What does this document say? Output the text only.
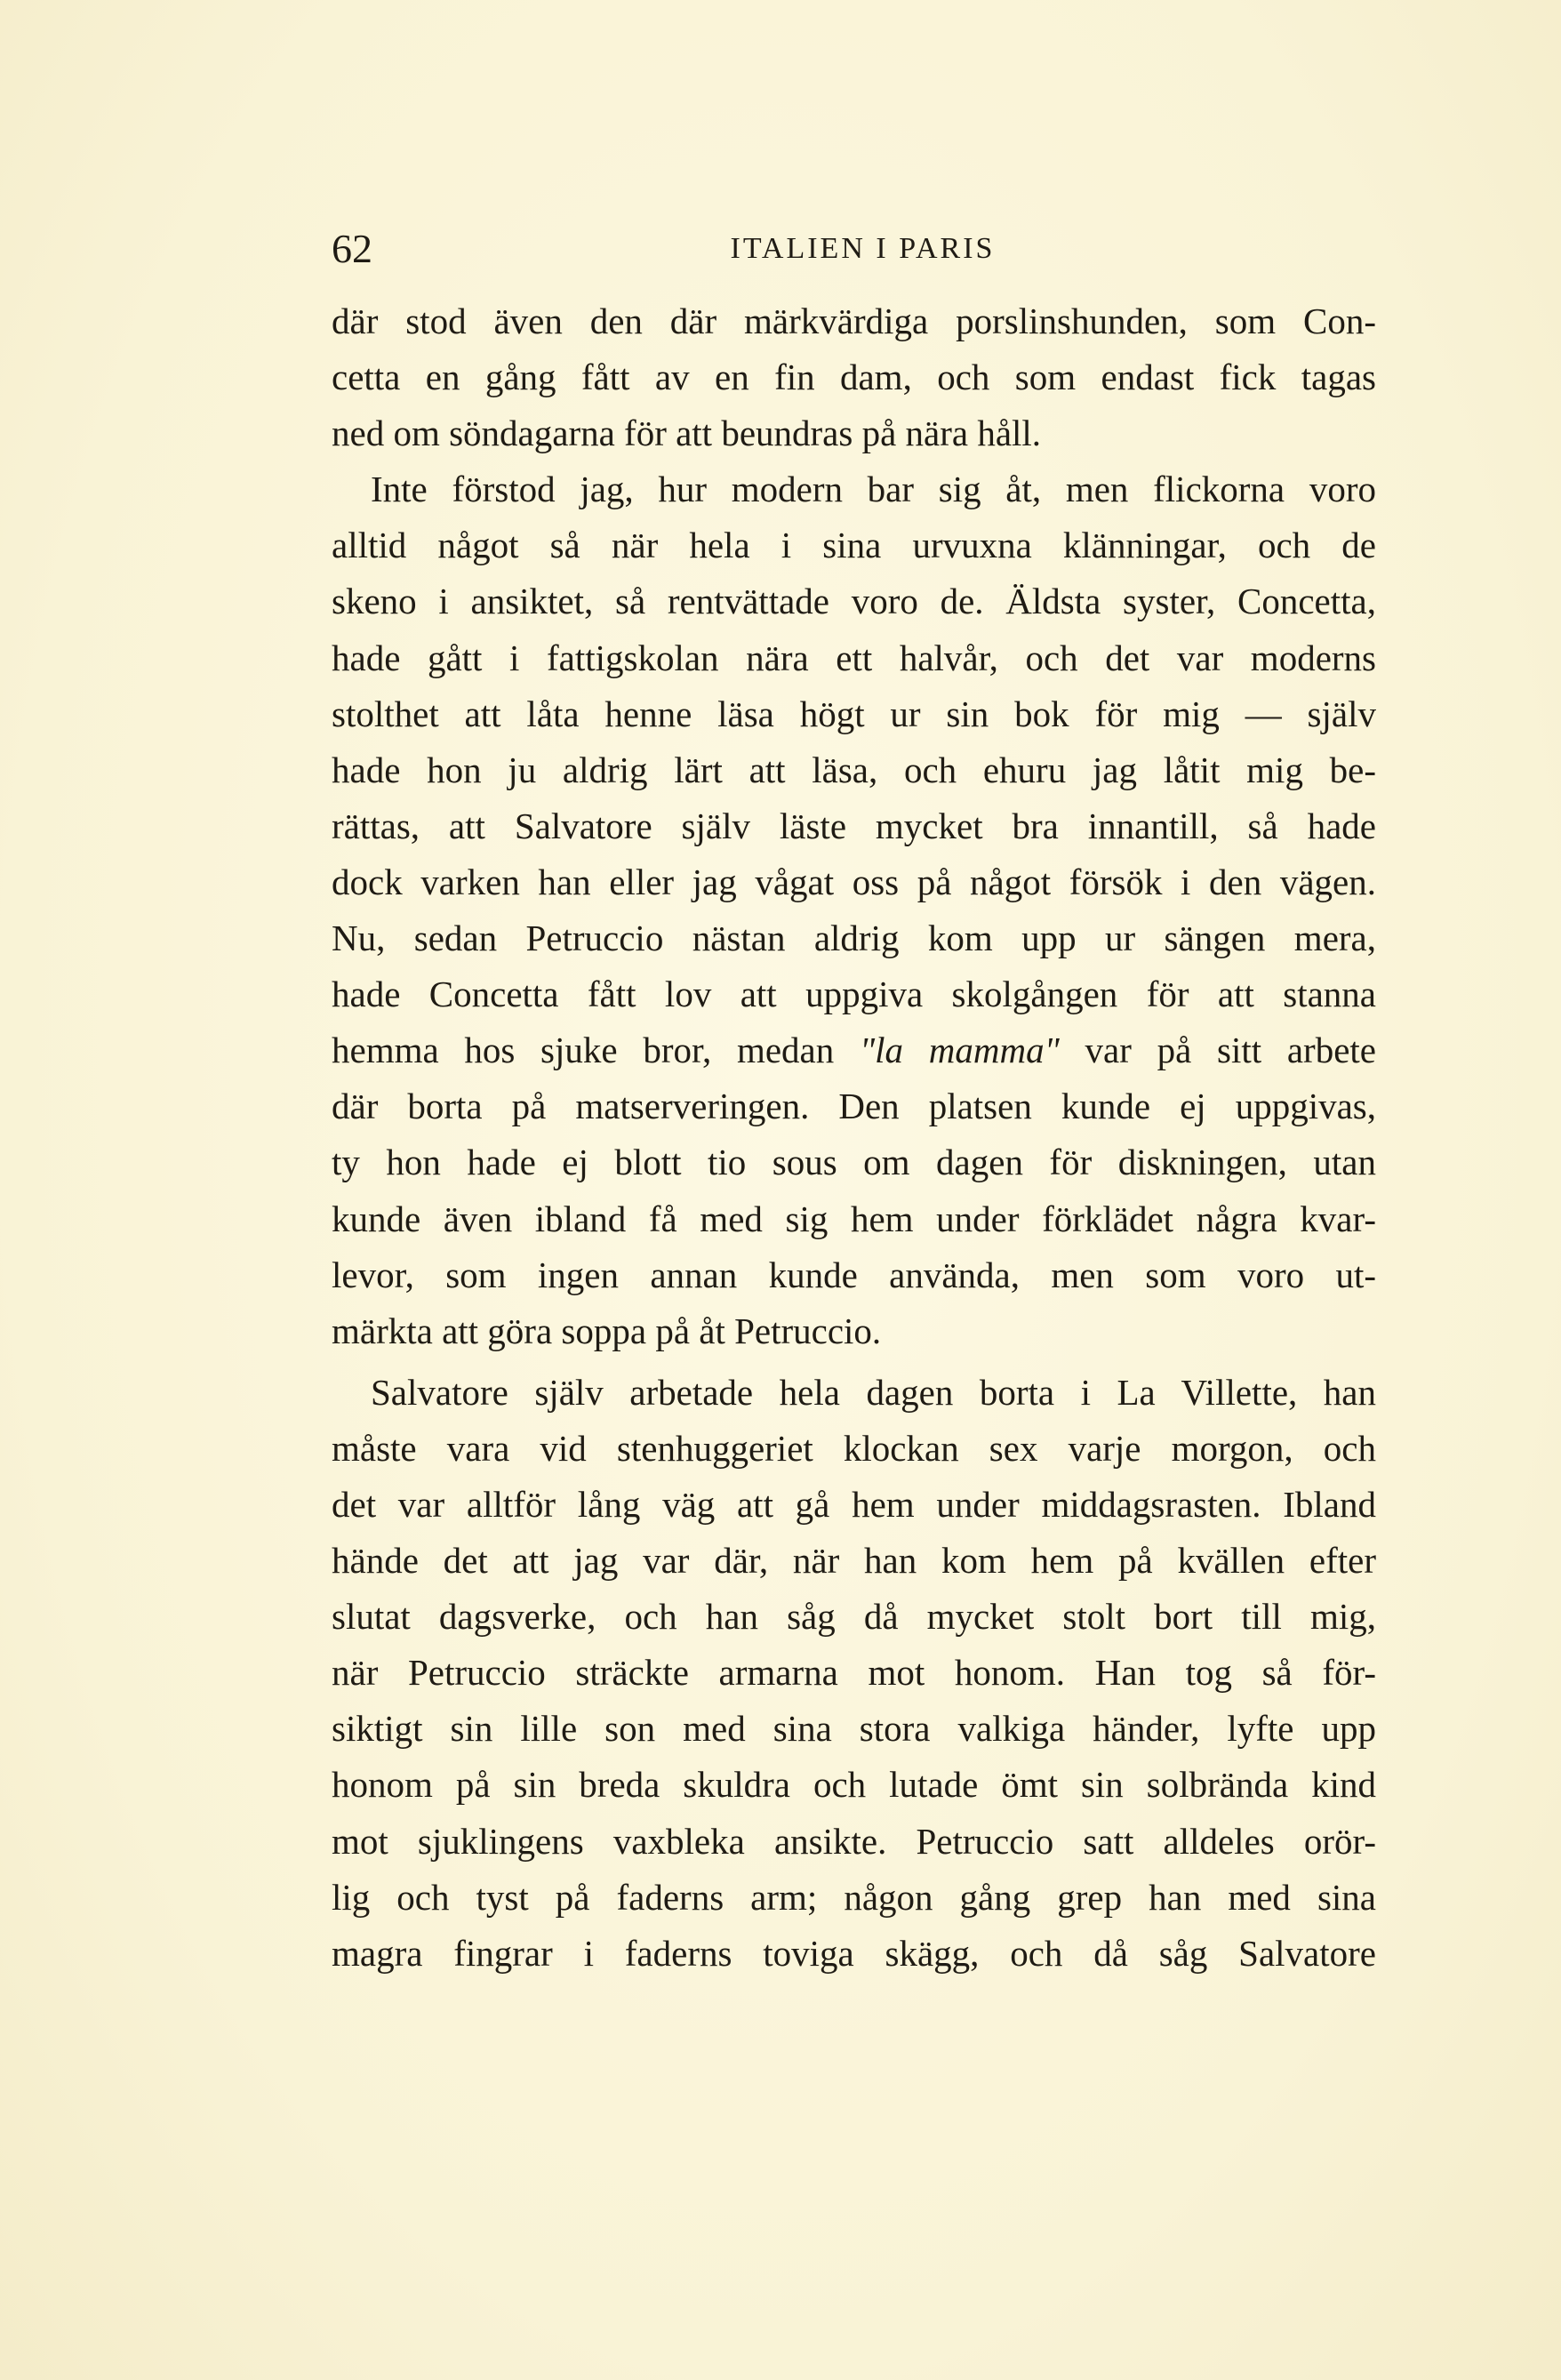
62	ITALIEN I PARIS
där stod även den där märkvärdiga porslinshunden, som Con-
cetta en gång fått av en fin dam, och som endast fick tagas
ned om söndagarna för att beundras på nära håll.
Inte förstod jag, hur modern bar sig åt, men flickorna voro
alltid något så när hela i sina urvuxna klänningar, och de
skeno i ansiktet, så rentvättade voro de. Äldsta syster, Concetta,
hade gått i fattigskolan nära ett halvår, och det var moderns
stolthet att låta henne läsa högt ur sin bok för mig — själv
hade hon ju aldrig lärt att läsa, och ehuru jag låtit mig be-
rättas, att Salvatore själv läste mycket bra innantill, så hade
dock varken han eller jag vågat oss på något försök i den vägen.
Nu, sedan Petruccio nästan aldrig kom upp ur sängen mera,
hade Concetta fått lov att uppgiva skolgången för att stanna
hemma hos sjuke bror, medan "la mamma" var på sitt arbete
där borta på matserveringen. Den platsen kunde ej uppgivas,
ty hon hade ej blott tio sous om dagen för diskningen, utan
kunde även ibland få med sig hem under förklädet några kvar-
levor, som ingen annan kunde använda, men som voro ut-
märkta att göra soppa på åt Petruccio.
Salvatore själv arbetade hela dagen borta i La Villette, han
måste vara vid stenhuggeriet klockan sex varje morgon, och
det var alltför lång väg att gå hem under middagsrasten. Ibland
hände det att jag var där, när han kom hem på kvällen efter
slutat dagsverke, och han såg då mycket stolt bort till mig,
när Petruccio sträckte armarna mot honom. Han tog så för-
siktigt sin lille son med sina stora valkiga händer, lyfte upp
honom på sin breda skuldra och lutade ömt sin solbrända kind
mot sjuklingens vaxbleka ansikte. Petruccio satt alldeles orör-
lig och tyst på faderns arm; någon gång grep han med sina
magra fingrar i faderns toviga skägg, och då såg Salvatore
